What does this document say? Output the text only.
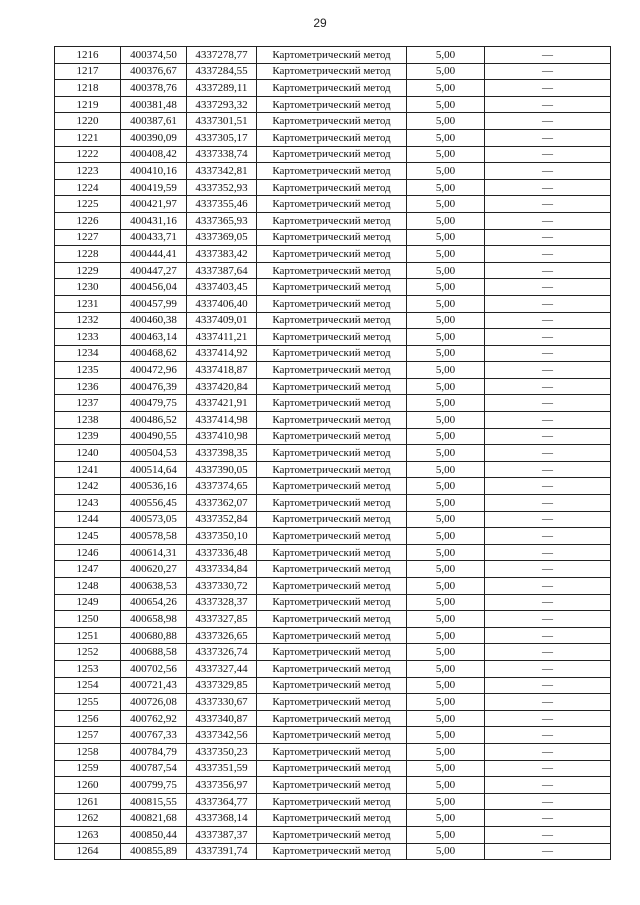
29
1216	400374,50	4337278,77	Картометрический метод	5,00	—
1217	400376,67	4337284,55	Картометрический метод	5,00	—
1218	400378,76	4337289,11	Картометрический метод	5,00	—
1219	400381,48	4337293,32	Картометрический метод	5,00	—
1220	400387,61	4337301,51	Картометрический метод	5,00	—
1221	400390,09	4337305,17	Картометрический метод	5,00	—
1222	400408,42	4337338,74	Картометрический метод	5,00	—
1223	400410,16	4337342,81	Картометрический метод	5,00	—
1224	400419,59	4337352,93	Картометрический метод	5,00	—
1225	400421,97	4337355,46	Картометрический метод	5,00	—
1226	400431,16	4337365,93	Картометрический метод	5,00	—
1227	400433,71	4337369,05	Картометрический метод	5,00	—
1228	400444,41	4337383,42	Картометрический метод	5,00	—
1229	400447,27	4337387,64	Картометрический метод	5,00	—
1230	400456,04	4337403,45	Картометрический метод	5,00	—
1231	400457,99	4337406,40	Картометрический метод	5,00	—
1232	400460,38	4337409,01	Картометрический метод	5,00	—
1233	400463,14	4337411,21	Картометрический метод	5,00	—
1234	400468,62	4337414,92	Картометрический метод	5,00	—
1235	400472,96	4337418,87	Картометрический метод	5,00	—
1236	400476,39	4337420,84	Картометрический метод	5,00	—
1237	400479,75	4337421,91	Картометрический метод	5,00	—
1238	400486,52	4337414,98	Картометрический метод	5,00	—
1239	400490,55	4337410,98	Картометрический метод	5,00	—
1240	400504,53	4337398,35	Картометрический метод	5,00	—
1241	400514,64	4337390,05	Картометрический метод	5,00	—
1242	400536,16	4337374,65	Картометрический метод	5,00	—
1243	400556,45	4337362,07	Картометрический метод	5,00	—
1244	400573,05	4337352,84	Картометрический метод	5,00	—
1245	400578,58	4337350,10	Картометрический метод	5,00	—
1246	400614,31	4337336,48	Картометрический метод	5,00	—
1247	400620,27	4337334,84	Картометрический метод	5,00	—
1248	400638,53	4337330,72	Картометрический метод	5,00	—
1249	400654,26	4337328,37	Картометрический метод	5,00	—
1250	400658,98	4337327,85	Картометрический метод	5,00	—
1251	400680,88	4337326,65	Картометрический метод	5,00	—
1252	400688,58	4337326,74	Картометрический метод	5,00	—
1253	400702,56	4337327,44	Картометрический метод	5,00	—
1254	400721,43	4337329,85	Картометрический метод	5,00	—
1255	400726,08	4337330,67	Картометрический метод	5,00	—
1256	400762,92	4337340,87	Картометрический метод	5,00	—
1257	400767,33	4337342,56	Картометрический метод	5,00	—
1258	400784,79	4337350,23	Картометрический метод	5,00	—
1259	400787,54	4337351,59	Картометрический метод	5,00	—
1260	400799,75	4337356,97	Картометрический метод	5,00	—
1261	400815,55	4337364,77	Картометрический метод	5,00	—
1262	400821,68	4337368,14	Картометрический метод	5,00	—
1263	400850,44	4337387,37	Картометрический метод	5,00	—
1264	400855,89	4337391,74	Картометрический метод	5,00	—
